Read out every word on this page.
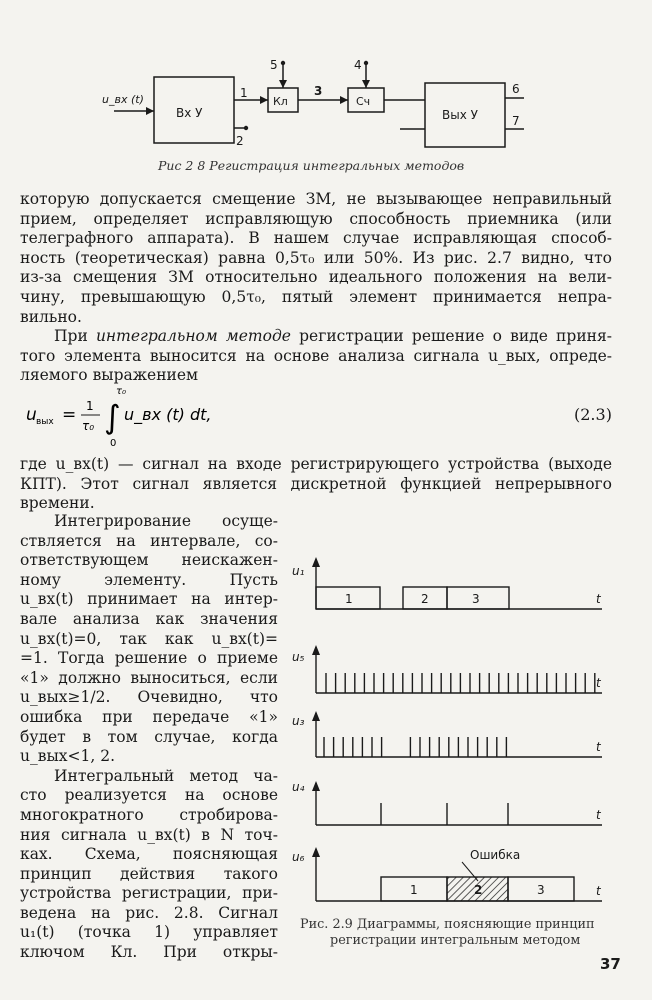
u_вх (t)
Вх У
Кл	Сч
Вых У
1
2
3
4
5
6
7
Рис 2 8 Регистрация интегральных методов
которую допускается смещение ЗМ, не вызывающее неправильный
прием, определяет исправляющую способность приемника (или
телеграфного аппарата). В нашем случае исправляющая способ-
ность (теоретическая) равна 0,5τ₀ или 50%. Из рис. 2.7 видно, что
из-за смещения ЗМ относительно идеального положения на вели-
чину, превышающую 0,5τ₀, пятый элемент принимается непра-
вильно.
При интегральном методе регистрации решение о виде приня-
того элемента выносится на основе анализа сигнала u_вых, опреде-
ляемого выражением
u вых = 1
τ₀ ∫
τ₀
0
u_вх (t) dt,	(2.3)
где u_вх(t) — сигнал на входе регистрирующего устройства (выходе
КПТ). Этот сигнал является дискретной функцией непрерывного
времени.
Интегрирование осуще-
ствляется на интервале, со-
ответствующем неискажен-
ному элементу. Пусть
u_вх(t) принимает на интер-
вале анализа как значения
u_вх(t)=0, так как u_вх(t)=
=1. Тогда решение о приеме
«1» должно выноситься, если
u_вых≥1/2. Очевидно, что
ошибка при передаче «1»
будет в том случае, когда
u_вых<1, 2.
Интегральный метод ча-
сто реализуется на основе
многократного стробирова-
ния сигнала u_вх(t) в N точ-
ках. Схема, поясняющая
принцип действия такого
устройства регистрации, при-
ведена на рис. 2.8. Сигнал
u₁(t) (точка 1) управляет
ключом Кл. При откры-
1	2	3
1	2	3
Ошибка
u₁
u₅
u₃
u₄
u₆
t
t
t
t
t
Рис. 2.9 Диаграммы, поясняющие принцип
регистрации интегральным методом
37
